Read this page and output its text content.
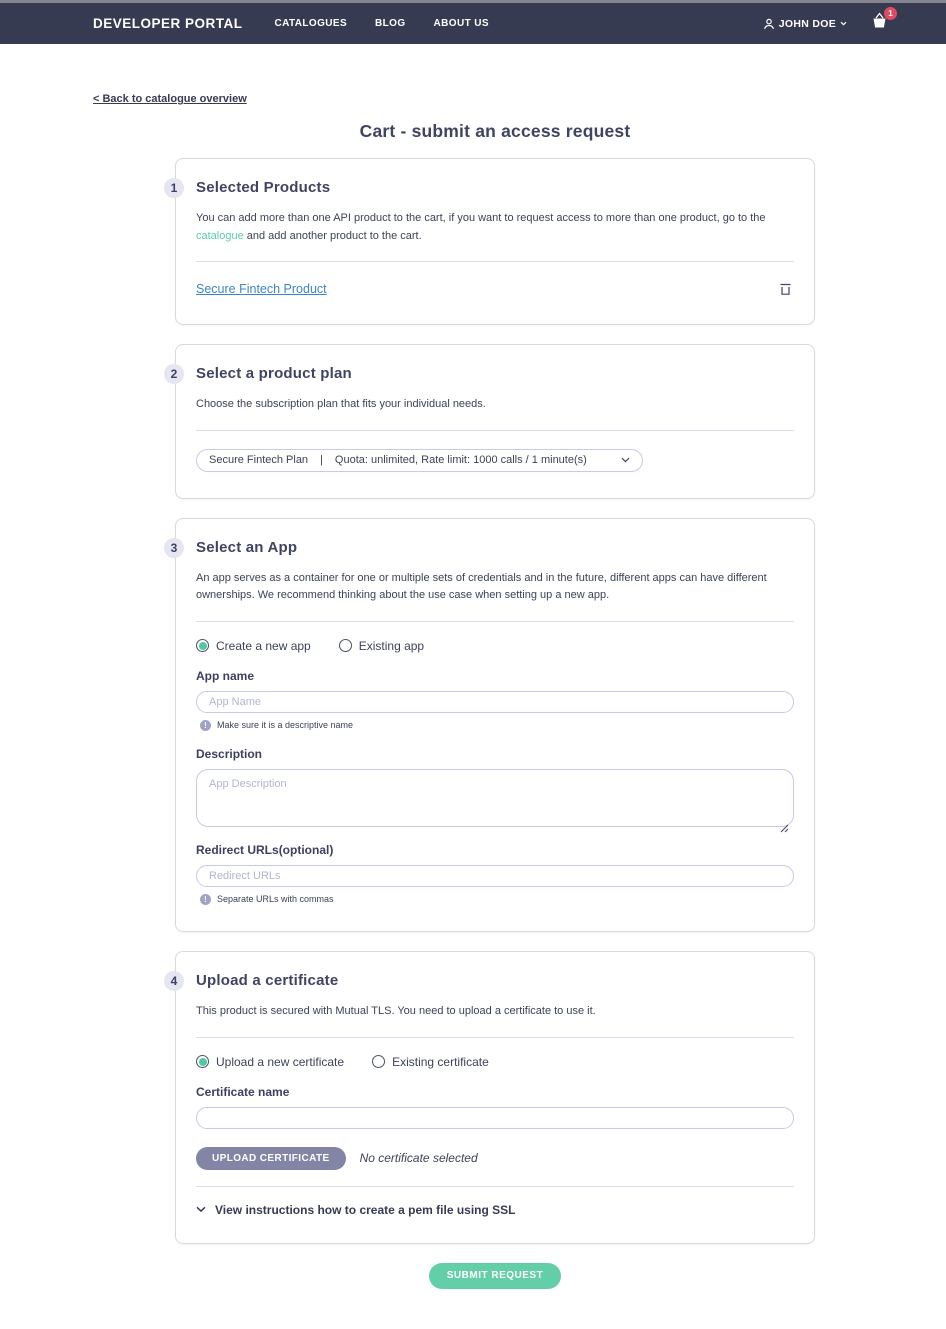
DEVELOPER PORTAL	CATALOGUES	BLOG	ABOUT US	JOHN DOE
1
< Back to catalogue overview
Cart - submit an access request
1	Selected Products

You can add more than one API product to the cart, if you want to request access to more than one product, go to the catalogue and add another product to the cart.

Secure Fintech Product
2	Select a product plan

Choose the subscription plan that fits your individual needs.

Secure Fintech Plan | Quota: unlimited, Rate limit: 1000 calls / 1 minute(s)
3	Select an App

An app serves as a container for one or multiple sets of credentials and in the future, different apps can have different ownerships. We recommend thinking about the use case when setting up a new app.

Create a new app	Existing app
App name
App Name
!	Make sure it is a descriptive name
Description
App Description
Redirect URLs(optional)
Redirect URLs
!	Separate URLs with commas
4	Upload a certificate

This product is secured with Mutual TLS. You need to upload a certificate to use it.

Upload a new certificate	Existing certificate
Certificate name
UPLOAD CERTIFICATE	No certificate selected
View instructions how to create a pem file using SSL
SUBMIT REQUEST
